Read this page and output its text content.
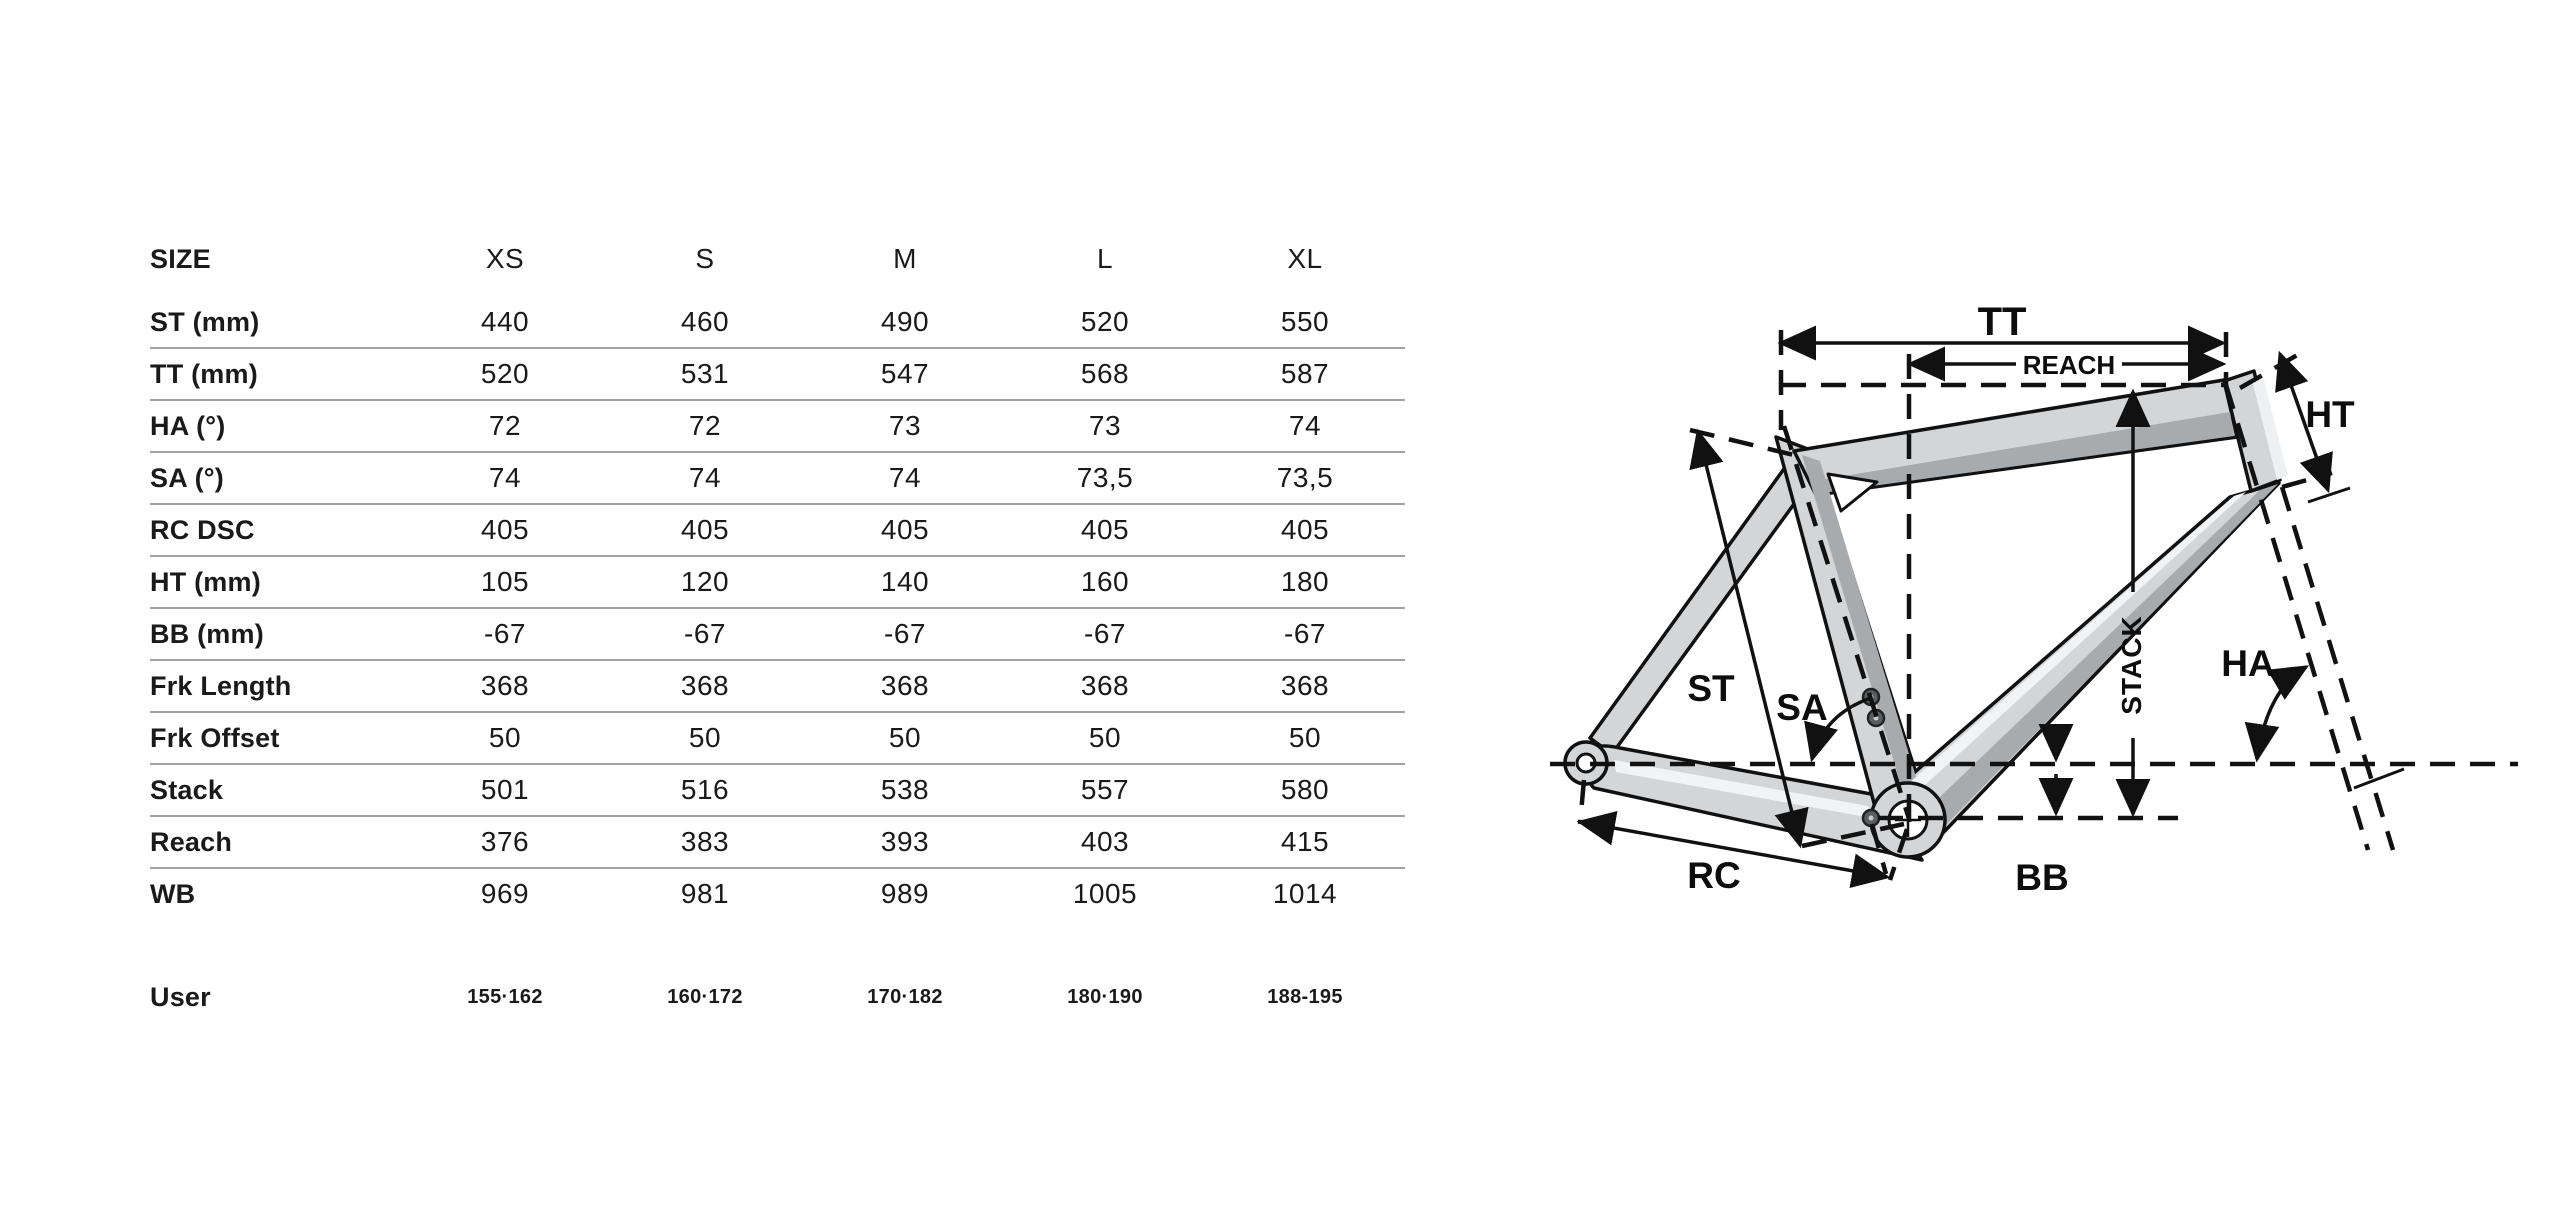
SIZE	XS	S	M	L	XL
ST (mm)	440	460	490	520	550
TT (mm)	520	531	547	568	587
HA (°)	72	72	73	73	74
SA (°)	74	74	74	73,5	73,5
RC DSC	405	405	405	405	405
HT (mm)	105	120	140	160	180
BB (mm)	-67	-67	-67	-67	-67
Frk Length	368	368	368	368	368
Frk Offset	50	50	50	50	50
Stack	501	516	538	557	580
Reach	376	383	393	403	415
WB	969	981	989	1005	1014
User	155·162	160·172	170·182	180·190	188-195
TT
REACH
HT
ST SA	STACK HA
RC	BB
